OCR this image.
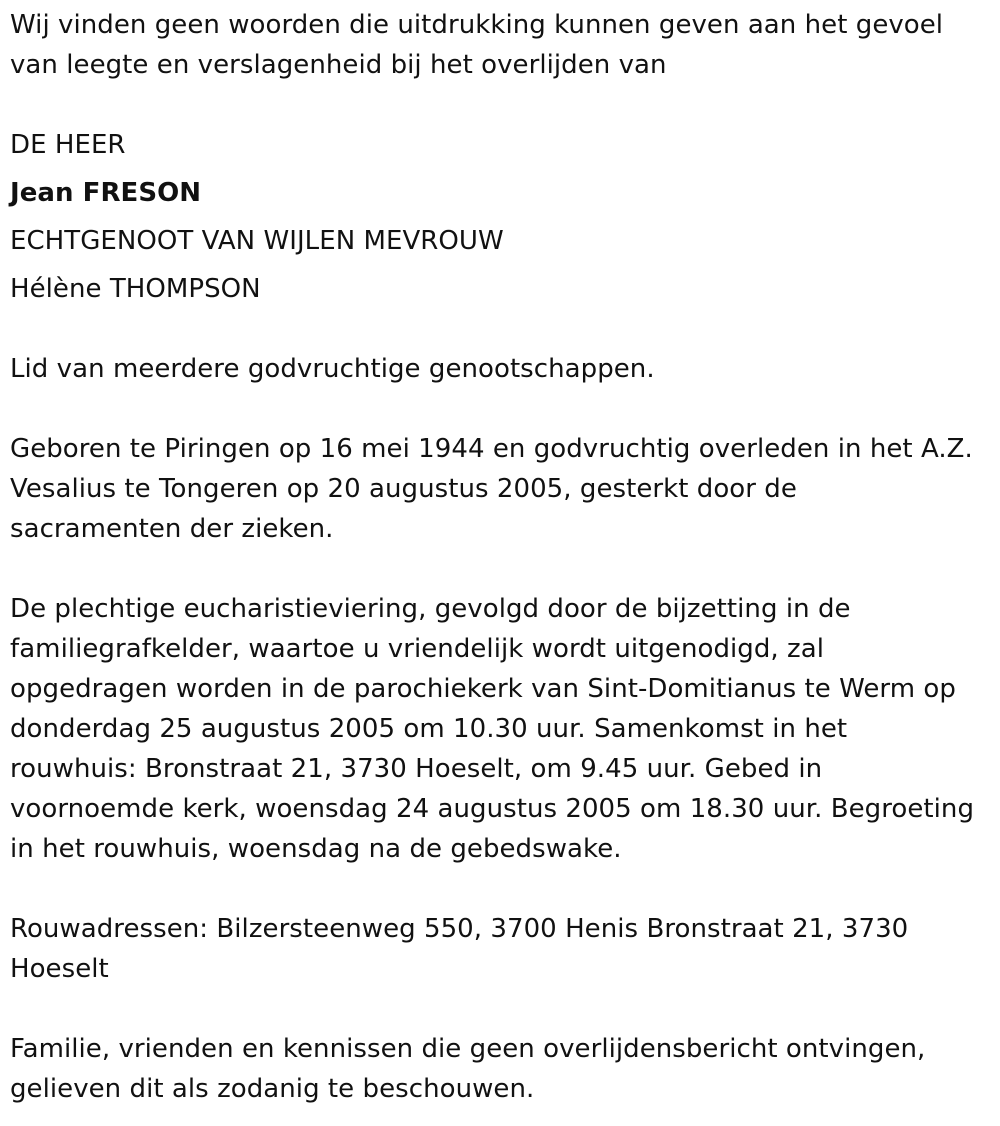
Wij vinden geen woorden die uitdrukking kunnen geven aan het gevoel
van leegte en verslagenheid bij het overlijden van
DE HEER
Jean FRESON
ECHTGENOOT VAN WIJLEN MEVROUW
Hélène THOMPSON
Lid van meerdere godvruchtige genootschappen.
Geboren te Piringen op 16 mei 1944 en godvruchtig overleden in het A.Z.
Vesalius te Tongeren op 20 augustus 2005, gesterkt door de
sacramenten der zieken.
De plechtige eucharistieviering, gevolgd door de bijzetting in de
familiegrafkelder, waartoe u vriendelijk wordt uitgenodigd, zal
opgedragen worden in de parochiekerk van Sint-Domitianus te Werm op
donderdag 25 augustus 2005 om 10.30 uur. Samenkomst in het
rouwhuis: Bronstraat 21, 3730 Hoeselt, om 9.45 uur. Gebed in
voornoemde kerk, woensdag 24 augustus 2005 om 18.30 uur. Begroeting
in het rouwhuis, woensdag na de gebedswake.
Rouwadressen: Bilzersteenweg 550, 3700 Henis Bronstraat 21, 3730
Hoeselt
Familie, vrienden en kennissen die geen overlijdensbericht ontvingen,
gelieven dit als zodanig te beschouwen.
